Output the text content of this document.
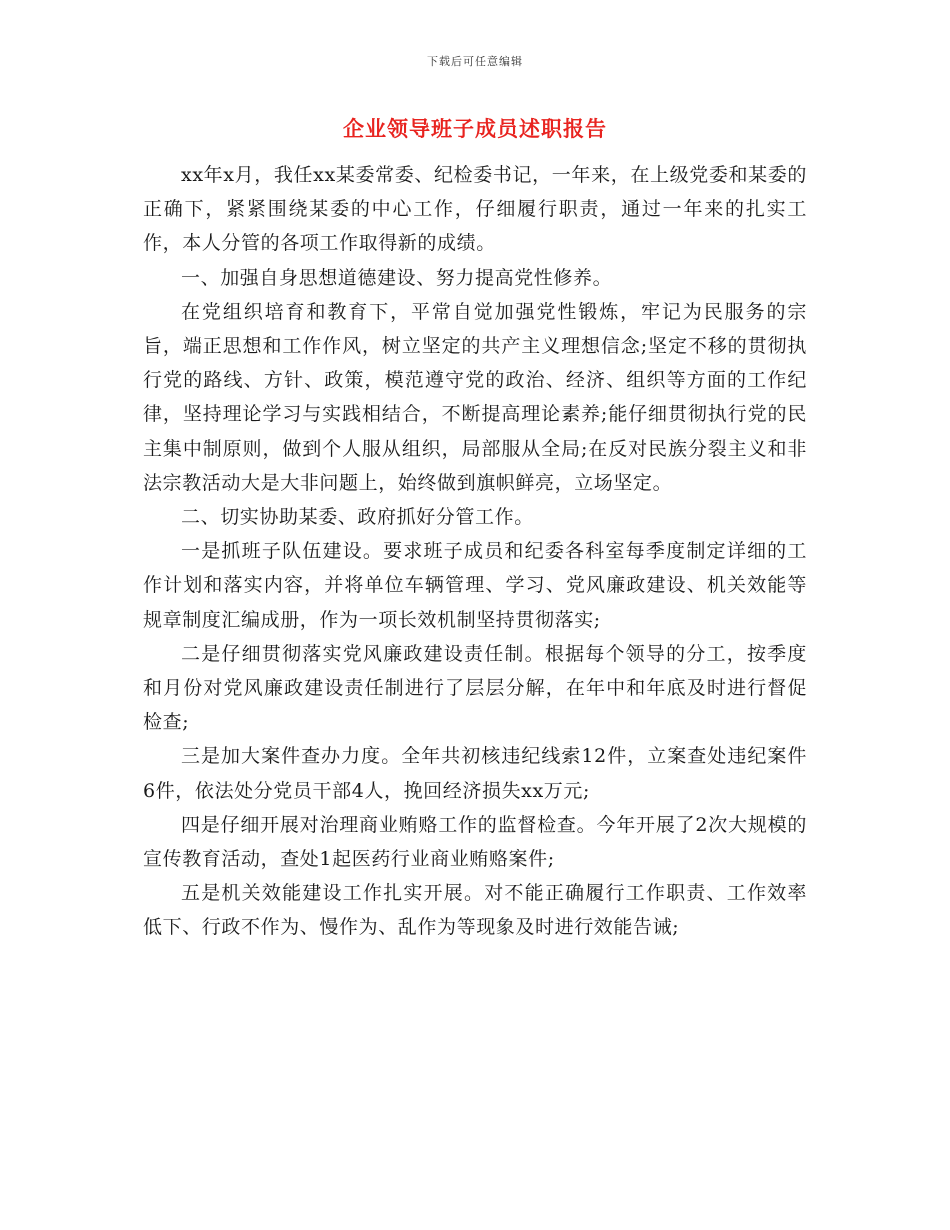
下载后可任意编辑
企业领导班子成员述职报告

xx年x月，我任xx某委常委、纪检委书记，一年来，在上级党委和某委的正确下，紧紧围绕某委的中心工作，仔细履行职责，通过一年来的扎实工作，本人分管的各项工作取得新的成绩。

一、加强自身思想道德建设、努力提高党性修养。

在党组织培育和教育下，平常自觉加强党性锻炼，牢记为民服务的宗旨，端正思想和工作作风，树立坚定的共产主义理想信念;坚定不移的贯彻执行党的路线、方针、政策，模范遵守党的政治、经济、组织等方面的工作纪律，坚持理论学习与实践相结合，不断提高理论素养;能仔细贯彻执行党的民主集中制原则，做到个人服从组织，局部服从全局;在反对民族分裂主义和非法宗教活动大是大非问题上，始终做到旗帜鲜亮，立场坚定。

二、切实协助某委、政府抓好分管工作。

一是抓班子队伍建设。要求班子成员和纪委各科室每季度制定详细的工作计划和落实内容，并将单位车辆管理、学习、党风廉政建设、机关效能等规章制度汇编成册，作为一项长效机制坚持贯彻落实;

二是仔细贯彻落实党风廉政建设责任制。根据每个领导的分工，按季度和月份对党风廉政建设责任制进行了层层分解，在年中和年底及时进行督促检查;

三是加大案件查办力度。全年共初核违纪线索12件，立案查处违纪案件6件，依法处分党员干部4人，挽回经济损失xx万元;

四是仔细开展对治理商业贿赂工作的监督检查。今年开展了2次大规模的宣传教育活动，查处1起医药行业商业贿赂案件;

五是机关效能建设工作扎实开展。对不能正确履行工作职责、工作效率低下、行政不作为、慢作为、乱作为等现象及时进行效能告诫;
